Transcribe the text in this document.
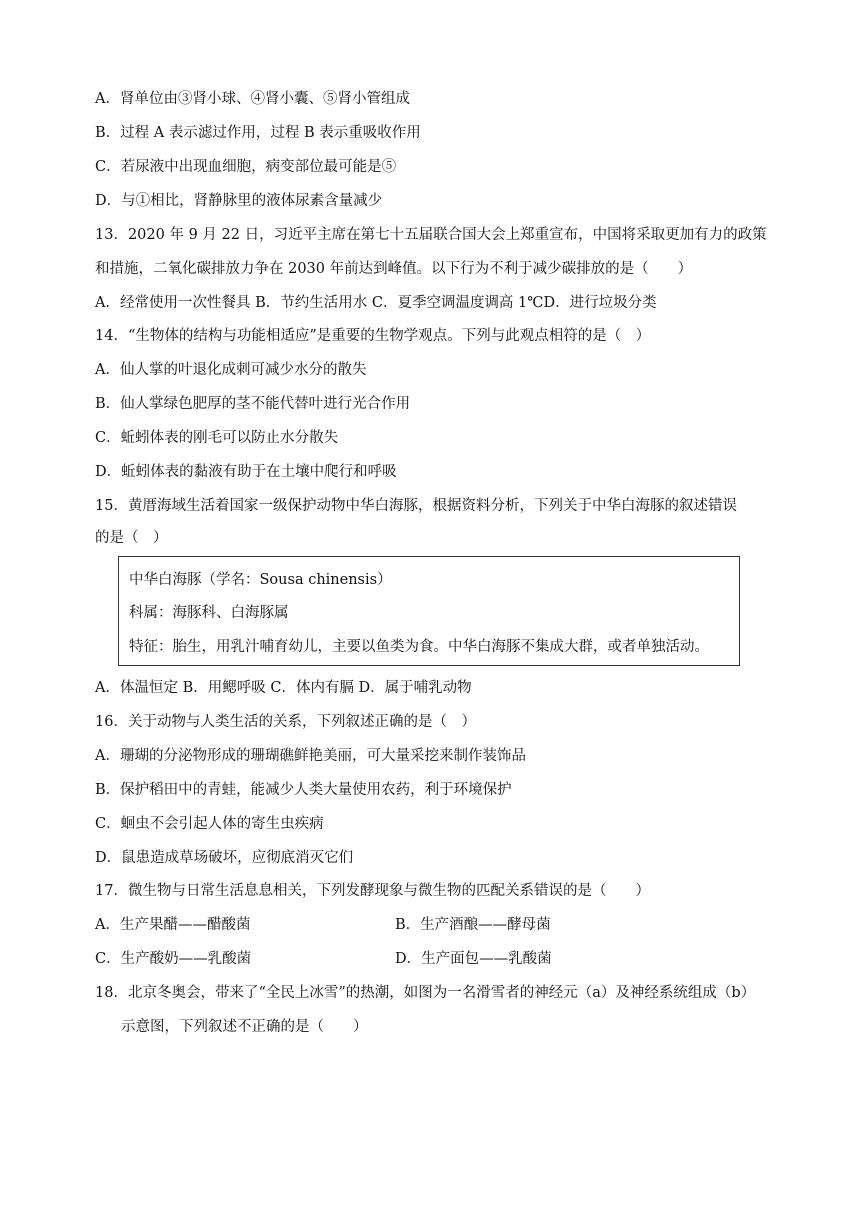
A．肾单位由③肾小球、④肾小囊、⑤肾小管组成
B．过程 A 表示滤过作用，过程 B 表示重吸收作用
C．若尿液中出现血细胞，病变部位最可能是⑤
D．与①相比，肾静脉里的液体尿素含量减少
13．2020 年 9 月 22 日，习近平主席在第七十五届联合国大会上郑重宣布，中国将采取更加有力的政策
和措施，二氧化碳排放力争在 2030 年前达到峰值。以下行为不利于减少碳排放的是（　　）
A．经常使用一次性餐具 B．节约生活用水 C．夏季空调温度调高 1℃D．进行垃圾分类
14．“生物体的结构与功能相适应”是重要的生物学观点。下列与此观点相符的是（　）
A．仙人掌的叶退化成刺可减少水分的散失
B．仙人掌绿色肥厚的茎不能代替叶进行光合作用
C．蚯蚓体表的刚毛可以防止水分散失
D．蚯蚓体表的黏液有助于在土壤中爬行和呼吸
15．黄厝海域生活着国家一级保护动物中华白海豚，根据资料分析，下列关于中华白海豚的叙述错误
的是（　）
中华白海豚（学名：Sousa chinensis）
科属：海豚科、白海豚属
特征：胎生，用乳汁哺育幼儿，主要以鱼类为食。中华白海豚不集成大群，或者单独活动。
A．体温恒定 B．用鳃呼吸 C．体内有膈 D．属于哺乳动物
16．关于动物与人类生活的关系，下列叙述正确的是（　）
A．珊瑚的分泌物形成的珊瑚礁鲜艳美丽，可大量采挖来制作装饰品
B．保护稻田中的青蛙，能减少人类大量使用农药，利于环境保护
C．蛔虫不会引起人体的寄生虫疾病
D．鼠患造成草场破坏，应彻底消灭它们
17．微生物与日常生活息息相关，下列发酵现象与微生物的匹配关系错误的是（　　）
A．生产果醋——醋酸菌	B．生产酒酿——酵母菌
C．生产酸奶——乳酸菌	D．生产面包——乳酸菌
18．北京冬奥会，带来了“全民上冰雪”的热潮，如图为一名滑雪者的神经元（a）及神经系统组成（b）
示意图，下列叙述不正确的是（　　）
